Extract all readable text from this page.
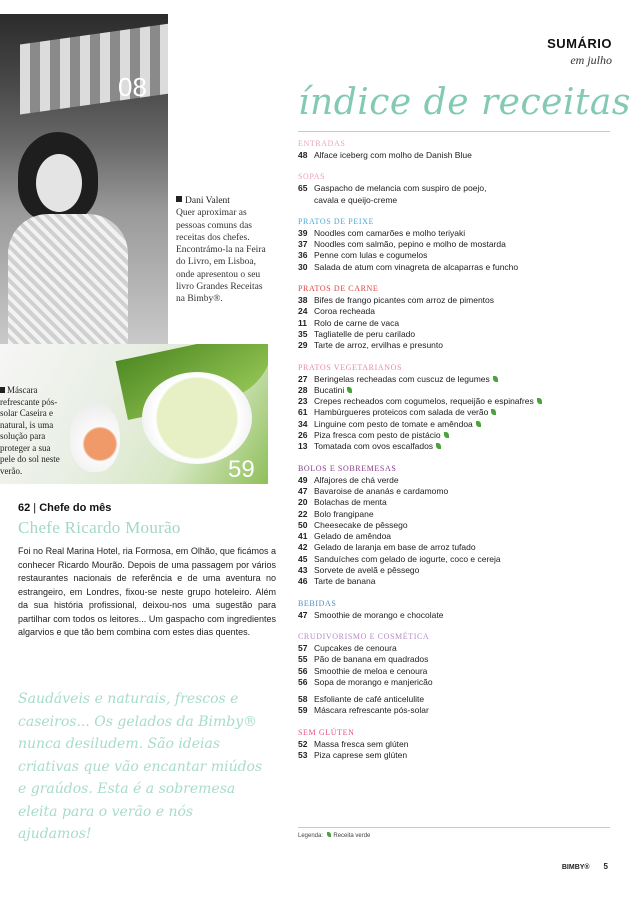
08
59
Dani Valent
Quer aproximar as pessoas comuns das receitas dos chefes. Encontrámo-la na Feira do Livro, em Lisboa, onde apresentou o seu livro Grandes Receitas na Bimby®.
Máscara refrescante pós-solar Caseira e natural, is uma solução para proteger a sua pele do sol neste verão.
SUMÁRIO
em julho
índice de receitas
ENTRADAS
48 Alface iceberg com molho de Danish Blue
SOPAS
65 Gaspacho de melancia com suspiro de poejo,
cavala e queijo-creme
PRATOS DE PEIXE
39 Noodles com camarões e molho teriyaki
37 Noodles com salmão, pepino e molho de mostarda
36 Penne com lulas e cogumelos
30 Salada de atum com vinagreta de alcaparras e funcho
PRATOS DE CARNE
38 Bifes de frango picantes com arroz de pimentos
24 Coroa recheada
11 Rolo de carne de vaca
35 Tagliatelle de peru carilado
29 Tarte de arroz, ervilhas e presunto
PRATOS VEGETARIANOS
27 Beringelas recheadas com cuscuz de legumes
28 Bucatini
23 Crepes recheados com cogumelos, requeijão e espinafres
61 Hambúrgueres proteicos com salada de verão
34 Linguine com pesto de tomate e amêndoa
26 Piza fresca com pesto de pistácio
13 Tomatada com ovos escalfados
BOLOS E SOBREMESAS
49 Alfajores de chá verde
47 Bavaroise de ananás e cardamomo
20 Bolachas de menta
22 Bolo frangipane
50 Cheesecake de pêssego
41 Gelado de amêndoa
42 Gelado de laranja em base de arroz tufado
45 Sanduíches com gelado de iogurte, coco e cereja
43 Sorvete de avelã e pêssego
46 Tarte de banana
BEBIDAS
47 Smoothie de morango e chocolate
CRUDIVORISMO E COSMÉTICA
57 Cupcakes de cenoura
55 Pão de banana em quadrados
56 Smoothie de meloa e cenoura
56 Sopa de morango e manjericão
58 Esfoliante de café anticelulite
59 Máscara refrescante pós-solar
SEM GLÚTEN
52 Massa fresca sem glúten
53 Piza caprese sem glúten
Legenda: Receita verde
BIMBY® 5
62 | Chefe do mês
Chefe Ricardo Mourão
Foi no Real Marina Hotel, ria Formosa, em Olhão, que ficámos a conhecer Ricardo Mourão. Depois de uma passagem por vários restaurantes nacionais de referência e de uma aventura no estrangeiro, em Londres, fixou-se neste grupo hoteleiro. Além da sua história profissional, deixou-nos uma sugestão para partilhar com todos os leitores... Um gaspacho com ingredientes algarvios e que tão bem combina com estes dias quentes.
Saudáveis e naturais, frescos e caseiros... Os gelados da Bimby® nunca desiludem. São ideias criativas que vão encantar miúdos e graúdos. Esta é a sobremesa eleita para o verão e nós ajudamos!
